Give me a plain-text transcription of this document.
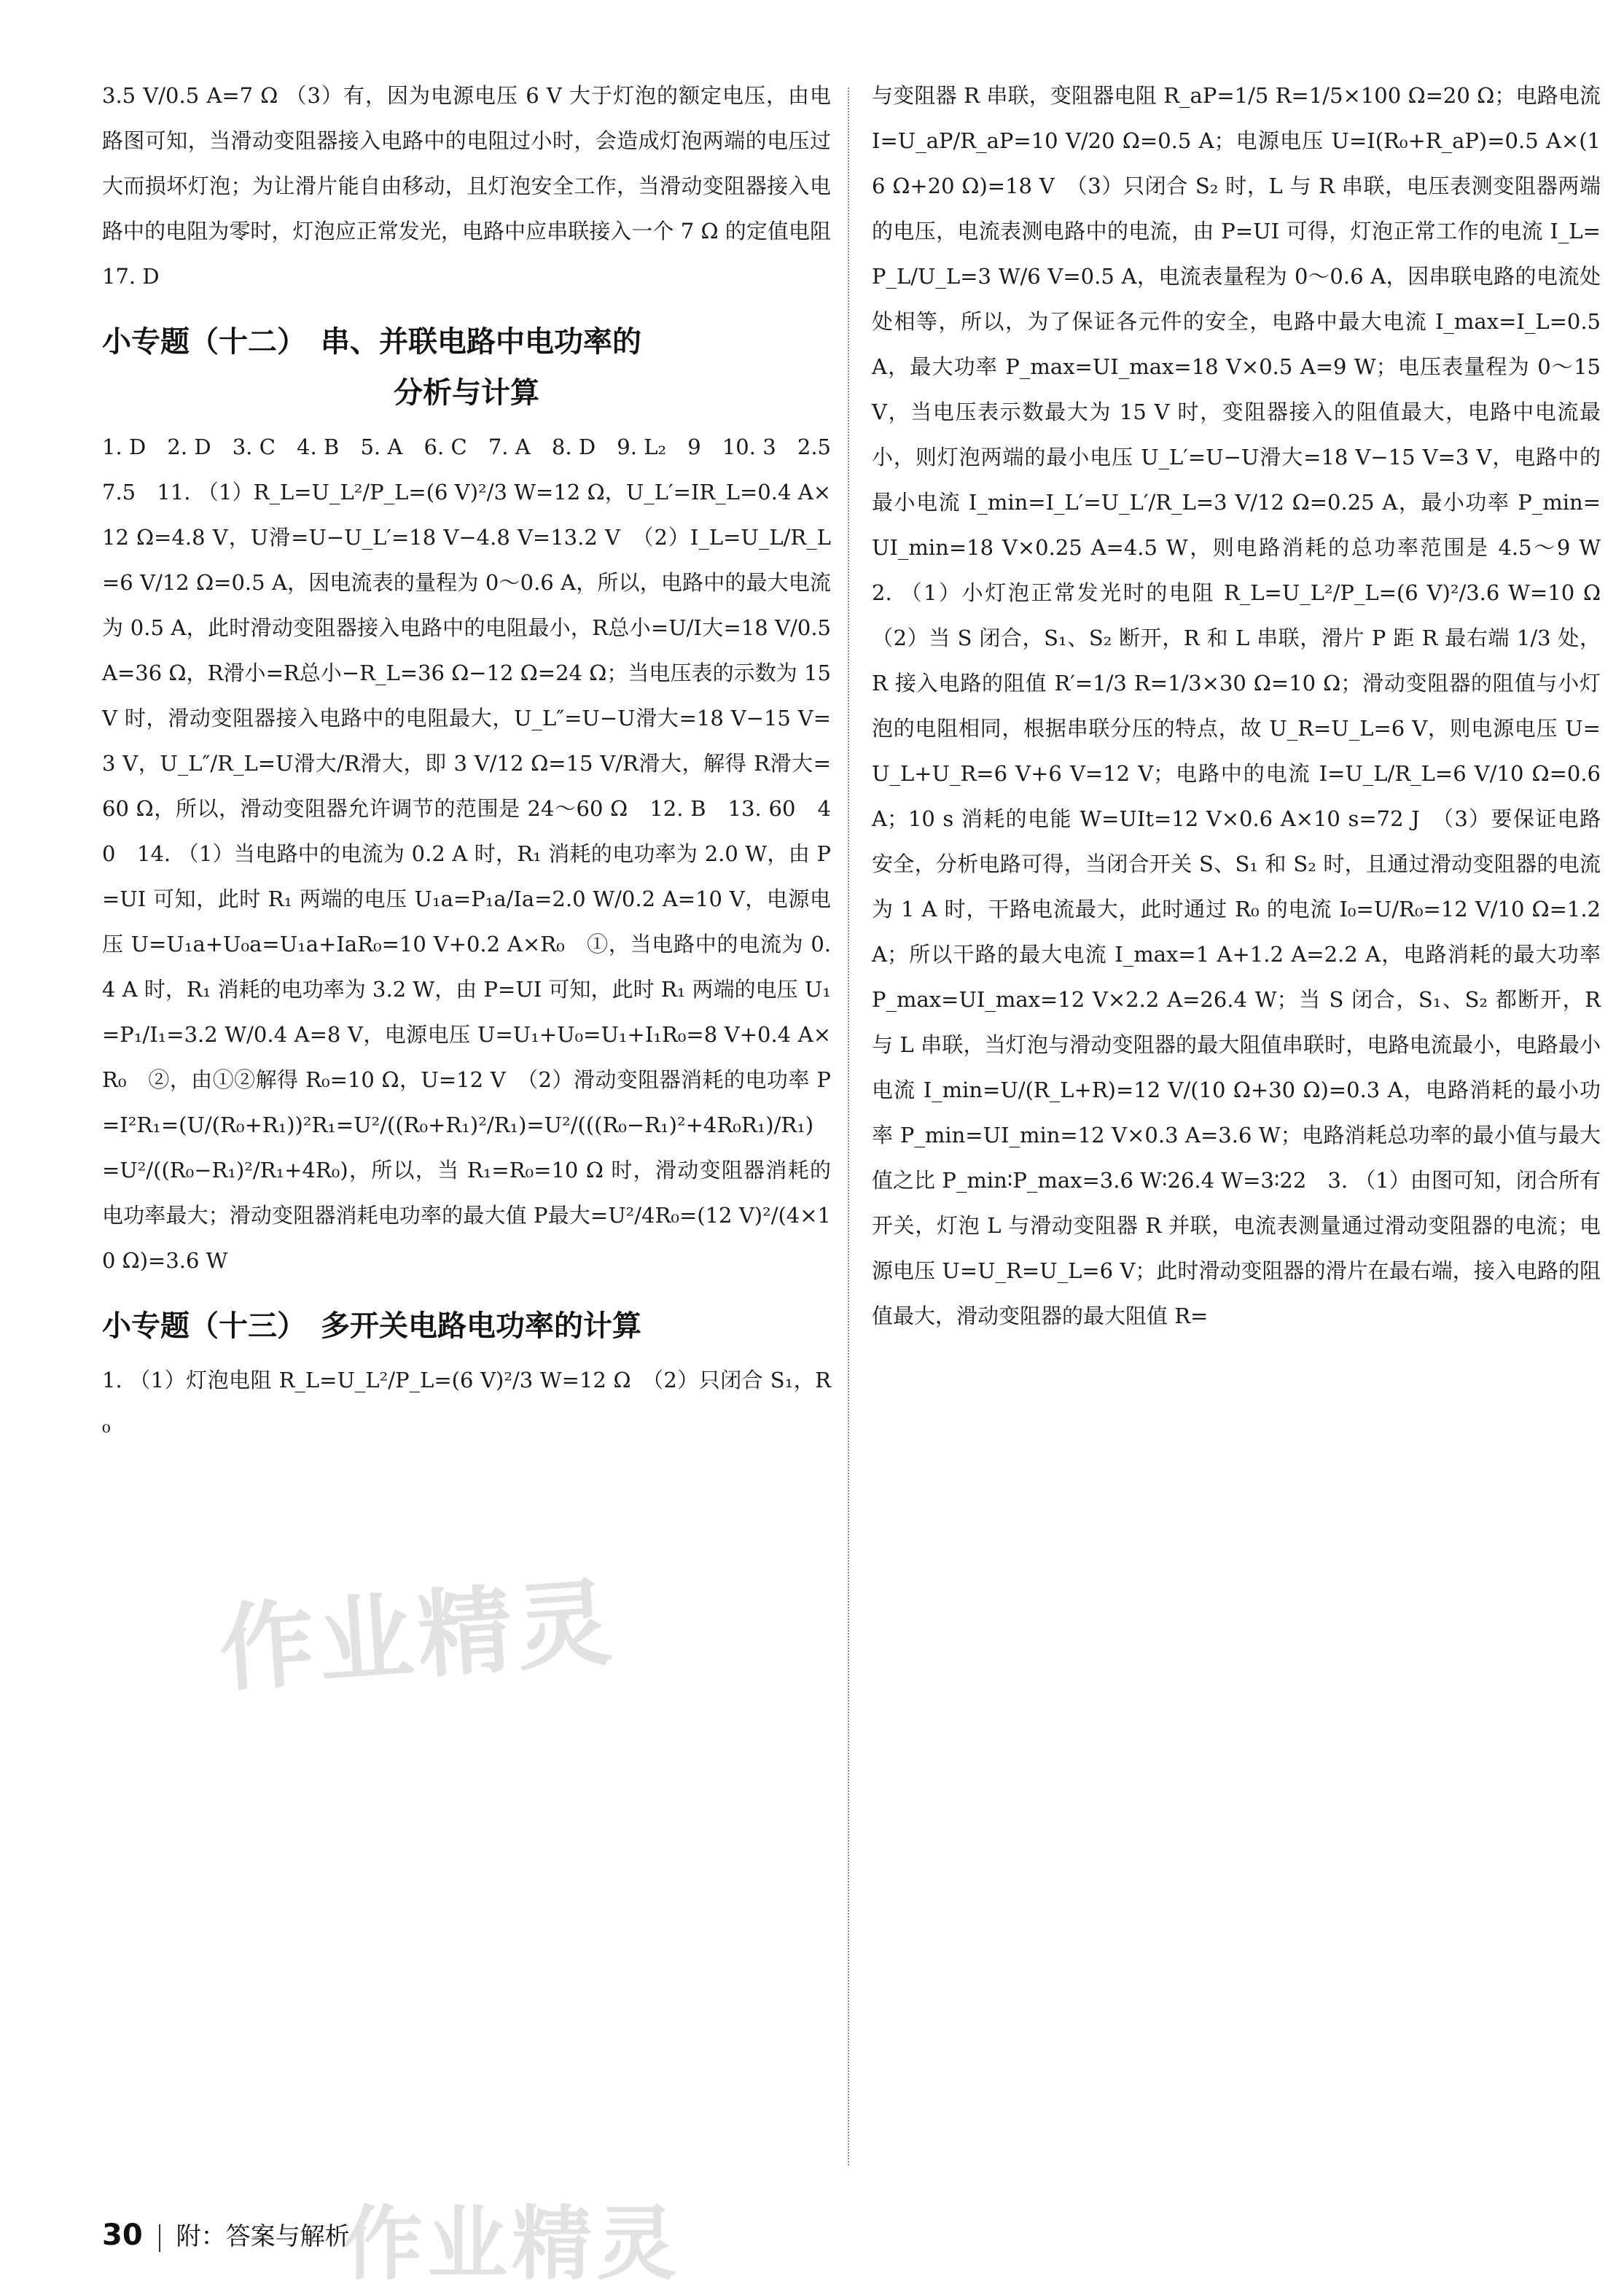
3.5 V/0.5 A=7 Ω （3）有，因为电源电压 6 V 大于灯泡的额定电压，由电路图可知，当滑动变阻器接入电路中的电阻过小时，会造成灯泡两端的电压过大而损坏灯泡；为让滑片能自由移动，且灯泡安全工作，当滑动变阻器接入电路中的电阻为零时，灯泡应正常发光，电路中应串联接入一个 7 Ω 的定值电阻　17. D

小专题（十二）　串、并联电路中电功率的
分析与计算

1. D　2. D　3. C　4. B　5. A　6. C　7. A　8. D　9. L₂　9　10. 3　2.5　7.5　11. （1）R_L=U_L²/P_L=(6 V)²/3 W=12 Ω，U_L′=IR_L=0.4 A×12 Ω=4.8 V，U滑=U−U_L′=18 V−4.8 V=13.2 V　（2）I_L=U_L/R_L=6 V/12 Ω=0.5 A，因电流表的量程为 0～0.6 A，所以，电路中的最大电流为 0.5 A，此时滑动变阻器接入电路中的电阻最小，R总小=U/I大=18 V/0.5 A=36 Ω，R滑小=R总小−R_L=36 Ω−12 Ω=24 Ω；当电压表的示数为 15 V 时，滑动变阻器接入电路中的电阻最大，U_L″=U−U滑大=18 V−15 V=3 V，U_L″/R_L=U滑大/R滑大，即 3 V/12 Ω=15 V/R滑大，解得 R滑大=60 Ω，所以，滑动变阻器允许调节的范围是 24～60 Ω　12. B　13. 60　40　14. （1）当电路中的电流为 0.2 A 时，R₁ 消耗的电功率为 2.0 W，由 P=UI 可知，此时 R₁ 两端的电压 U₁a=P₁a/Ia=2.0 W/0.2 A=10 V，电源电压 U=U₁a+U₀a=U₁a+IaR₀=10 V+0.2 A×R₀　①，当电路中的电流为 0.4 A 时，R₁ 消耗的电功率为 3.2 W，由 P=UI 可知，此时 R₁ 两端的电压 U₁=P₁/I₁=3.2 W/0.4 A=8 V，电源电压 U=U₁+U₀=U₁+I₁R₀=8 V+0.4 A×R₀　②，由①②解得 R₀=10 Ω，U=12 V　（2）滑动变阻器消耗的电功率 P=I²R₁=(U/(R₀+R₁))²R₁=U²/((R₀+R₁)²/R₁)=U²/(((R₀−R₁)²+4R₀R₁)/R₁)=U²/((R₀−R₁)²/R₁+4R₀)，所以，当 R₁=R₀=10 Ω 时，滑动变阻器消耗的电功率最大；滑动变阻器消耗电功率的最大值 P最大=U²/4R₀=(12 V)²/(4×10 Ω)=3.6 W

小专题（十三）　多开关电路电功率的计算

1. （1）灯泡电阻 R_L=U_L²/P_L=(6 V)²/3 W=12 Ω　（2）只闭合 S₁，R₀

与变阻器 R 串联，变阻器电阻 R_aP=1/5 R=1/5×100 Ω=20 Ω；电路电流 I=U_aP/R_aP=10 V/20 Ω=0.5 A；电源电压 U=I(R₀+R_aP)=0.5 A×(16 Ω+20 Ω)=18 V　（3）只闭合 S₂ 时，L 与 R 串联，电压表测变阻器两端的电压，电流表测电路中的电流，由 P=UI 可得，灯泡正常工作的电流 I_L=P_L/U_L=3 W/6 V=0.5 A，电流表量程为 0～0.6 A，因串联电路的电流处处相等，所以，为了保证各元件的安全，电路中最大电流 I_max=I_L=0.5 A，最大功率 P_max=UI_max=18 V×0.5 A=9 W；电压表量程为 0～15 V，当电压表示数最大为 15 V 时，变阻器接入的阻值最大，电路中电流最小，则灯泡两端的最小电压 U_L′=U−U滑大=18 V−15 V=3 V，电路中的最小电流 I_min=I_L′=U_L′/R_L=3 V/12 Ω=0.25 A，最小功率 P_min=UI_min=18 V×0.25 A=4.5 W，则电路消耗的总功率范围是 4.5～9 W　2. （1）小灯泡正常发光时的电阻 R_L=U_L²/P_L=(6 V)²/3.6 W=10 Ω　（2）当 S 闭合，S₁、S₂ 断开，R 和 L 串联，滑片 P 距 R 最右端 1/3 处，R 接入电路的阻值 R′=1/3 R=1/3×30 Ω=10 Ω；滑动变阻器的阻值与小灯泡的电阻相同，根据串联分压的特点，故 U_R=U_L=6 V，则电源电压 U=U_L+U_R=6 V+6 V=12 V；电路中的电流 I=U_L/R_L=6 V/10 Ω=0.6 A；10 s 消耗的电能 W=UIt=12 V×0.6 A×10 s=72 J　（3）要保证电路安全，分析电路可得，当闭合开关 S、S₁ 和 S₂ 时，且通过滑动变阻器的电流为 1 A 时，干路电流最大，此时通过 R₀ 的电流 I₀=U/R₀=12 V/10 Ω=1.2 A；所以干路的最大电流 I_max=1 A+1.2 A=2.2 A，电路消耗的最大功率 P_max=UI_max=12 V×2.2 A=26.4 W；当 S 闭合，S₁、S₂ 都断开，R 与 L 串联，当灯泡与滑动变阻器的最大阻值串联时，电路电流最小，电路最小电流 I_min=U/(R_L+R)=12 V/(10 Ω+30 Ω)=0.3 A，电路消耗的最小功率 P_min=UI_min=12 V×0.3 A=3.6 W；电路消耗总功率的最小值与最大值之比 P_min∶P_max=3.6 W∶26.4 W=3∶22　3. （1）由图可知，闭合所有开关，灯泡 L 与滑动变阻器 R 并联，电流表测量通过滑动变阻器的电流；电源电压 U=U_R=U_L=6 V；此时滑动变阻器的滑片在最右端，接入电路的阻值最大，滑动变阻器的最大阻值 R=

30 附：答案与解析
作业精灵
作业精灵
